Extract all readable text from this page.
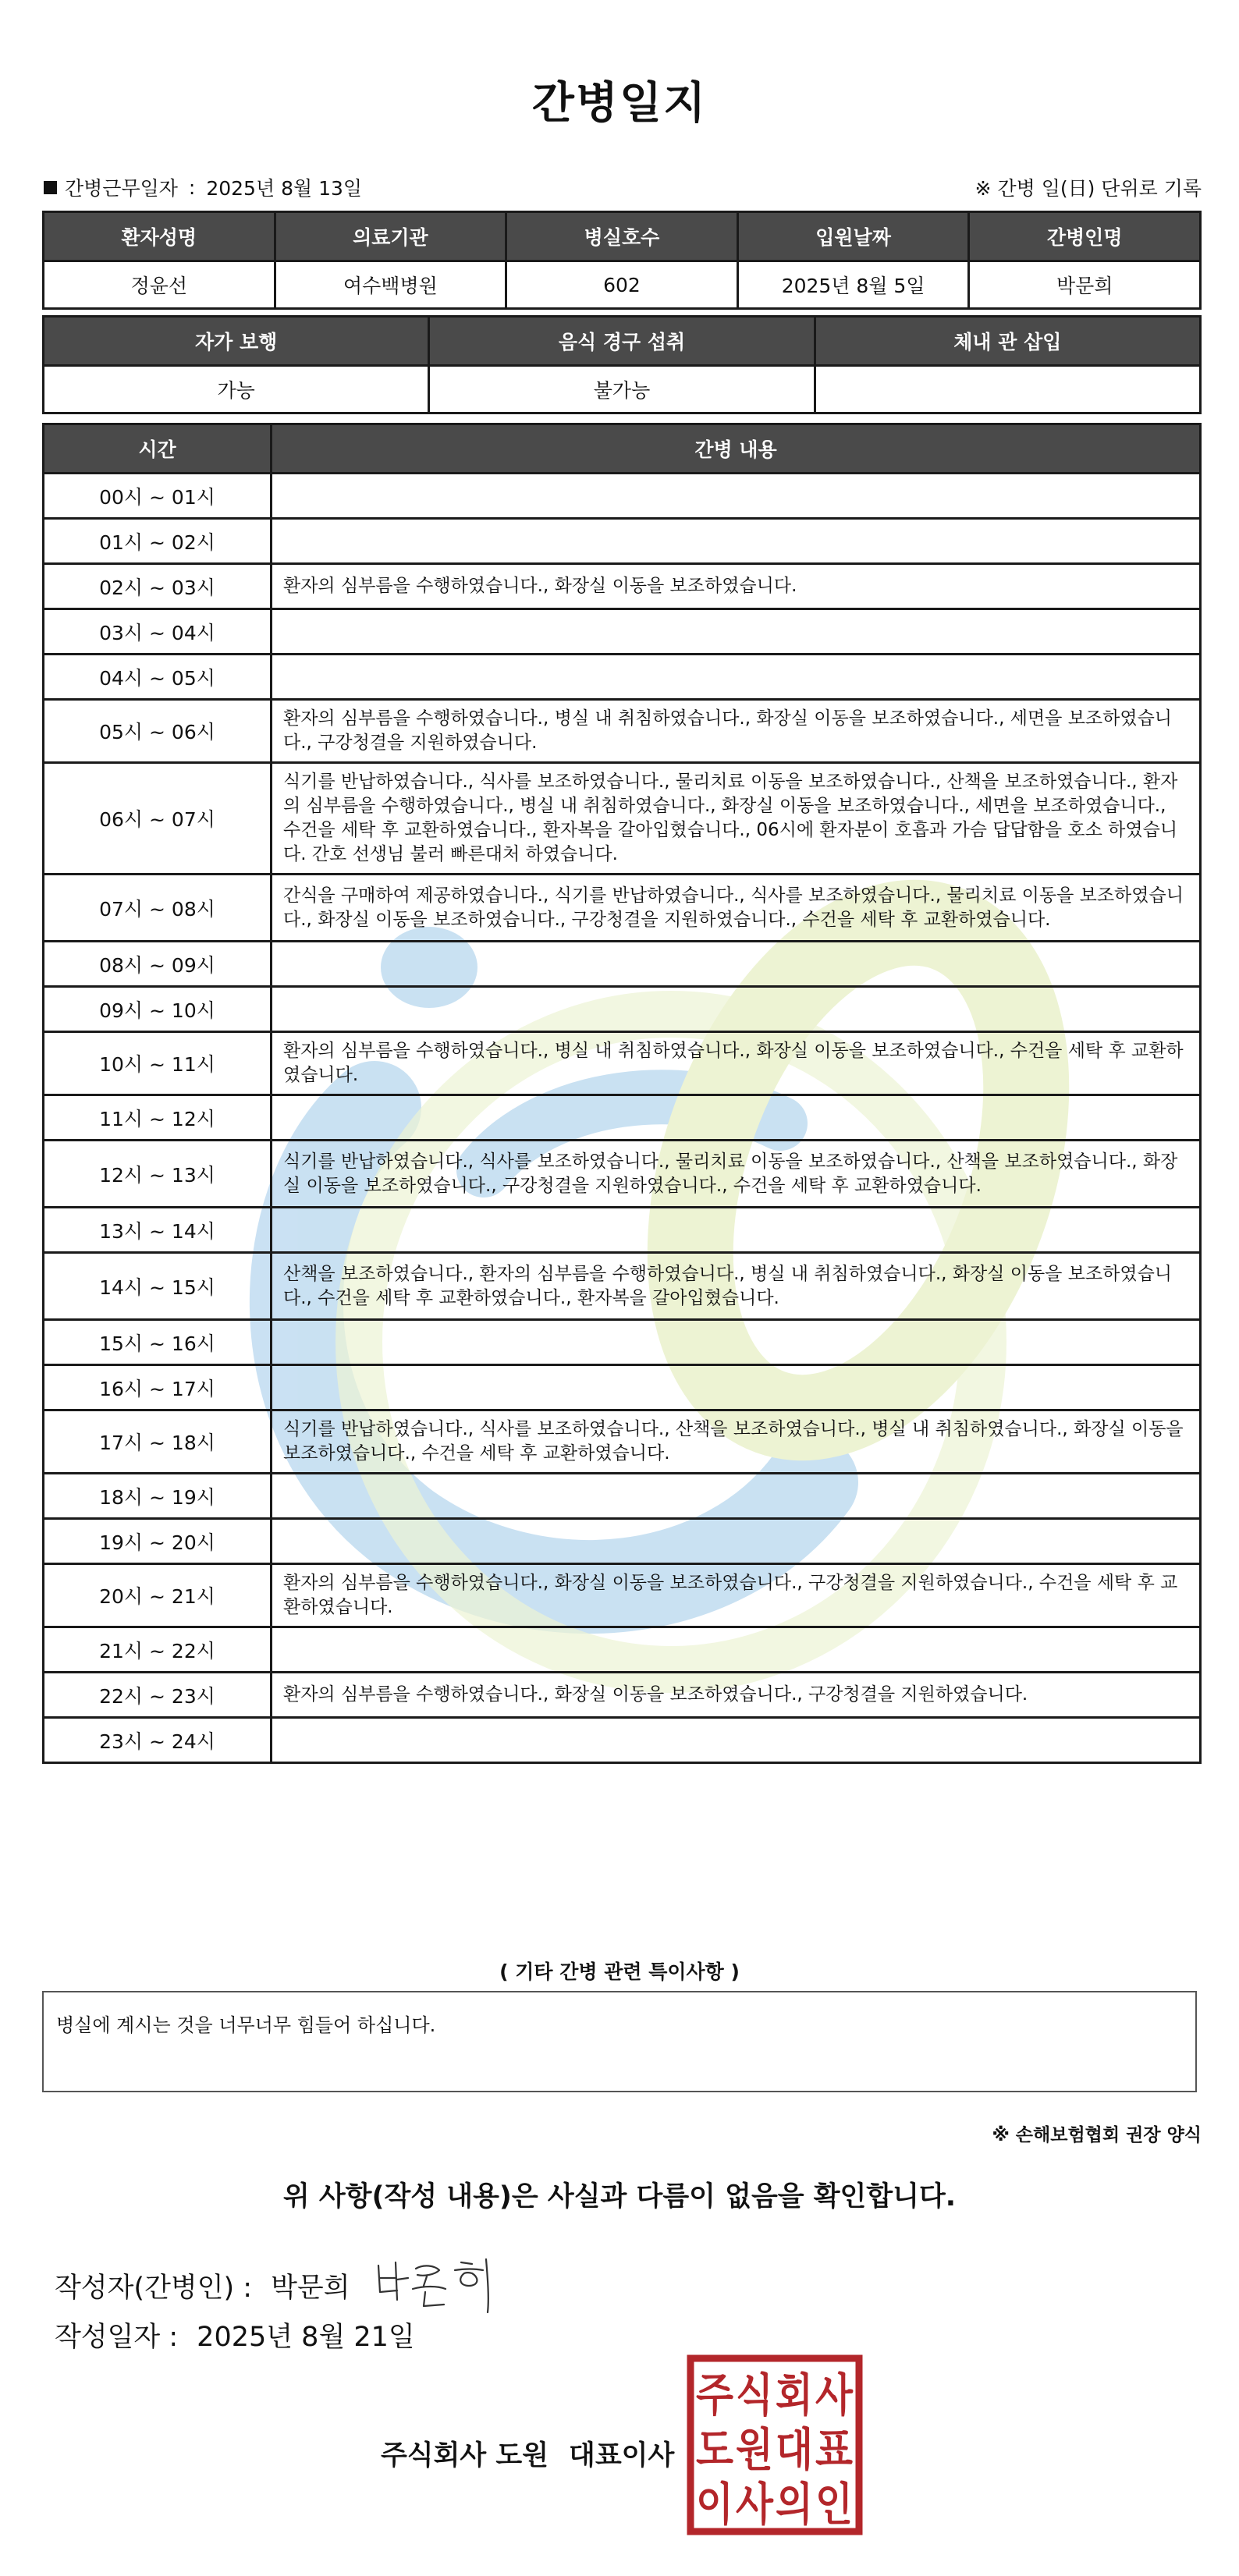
간병일지
간병근무일자 : 2025년 8월 13일	※ 간병 일(日) 단위로 기록
환자성명	의료기관	병실호수	입원날짜	간병인명
정윤선	여수백병원	602	2025년 8월 5일	박문희
자가 보행	음식 경구 섭취	체내 관 삽입
가능	불가능	
시간	간병 내용
00시 ~ 01시	
01시 ~ 02시	
02시 ~ 03시	환자의 심부름을 수행하였습니다., 화장실 이동을 보조하였습니다.
03시 ~ 04시	
04시 ~ 05시	
05시 ~ 06시	환자의 심부름을 수행하였습니다., 병실 내 취침하였습니다., 화장실 이동을 보조하였습니다., 세면을 보조하였습니다., 구강청결을 지원하였습니다.
06시 ~ 07시	식기를 반납하였습니다., 식사를 보조하였습니다., 물리치료 이동을 보조하였습니다., 산책을 보조하였습니다., 환자의 심부름을 수행하였습니다., 병실 내 취침하였습니다., 화장실 이동을 보조하였습니다., 세면을 보조하였습니다., 수건을 세탁 후 교환하였습니다., 환자복을 갈아입혔습니다., 06시에 환자분이 호흡과 가슴 답답함을 호소 하였습니다. 간호 선생님 불러 빠른대처 하였습니다.
07시 ~ 08시	간식을 구매하여 제공하였습니다., 식기를 반납하였습니다., 식사를 보조하였습니다., 물리치료 이동을 보조하였습니다., 화장실 이동을 보조하였습니다., 구강청결을 지원하였습니다., 수건을 세탁 후 교환하였습니다.
08시 ~ 09시	
09시 ~ 10시	
10시 ~ 11시	환자의 심부름을 수행하였습니다., 병실 내 취침하였습니다., 화장실 이동을 보조하였습니다., 수건을 세탁 후 교환하였습니다.
11시 ~ 12시	
12시 ~ 13시	식기를 반납하였습니다., 식사를 보조하였습니다., 물리치료 이동을 보조하였습니다., 산책을 보조하였습니다., 화장실 이동을 보조하였습니다., 구강청결을 지원하였습니다., 수건을 세탁 후 교환하였습니다.
13시 ~ 14시	
14시 ~ 15시	산책을 보조하였습니다., 환자의 심부름을 수행하였습니다., 병실 내 취침하였습니다., 화장실 이동을 보조하였습니다., 수건을 세탁 후 교환하였습니다., 환자복을 갈아입혔습니다.
15시 ~ 16시	
16시 ~ 17시	
17시 ~ 18시	식기를 반납하였습니다., 식사를 보조하였습니다., 산책을 보조하였습니다., 병실 내 취침하였습니다., 화장실 이동을 보조하였습니다., 수건을 세탁 후 교환하였습니다.
18시 ~ 19시	
19시 ~ 20시	
20시 ~ 21시	환자의 심부름을 수행하였습니다., 화장실 이동을 보조하였습니다., 구강청결을 지원하였습니다., 수건을 세탁 후 교환하였습니다.
21시 ~ 22시	
22시 ~ 23시	환자의 심부름을 수행하였습니다., 화장실 이동을 보조하였습니다., 구강청결을 지원하였습니다.
23시 ~ 24시	
( 기타 간병 관련 특이사항 )
병실에 계시는 것을 너무너무 힘들어 하십니다.
※ 손해보험협회 권장 양식
위 사항(작성 내용)은 사실과 다름이 없음을 확인합니다.
작성자(간병인) : 박문희
작성일자 : 2025년 8월 21일
주식회사 도원 대표이사
주 식 회 사
도 원 대 표
이 사 의 인
